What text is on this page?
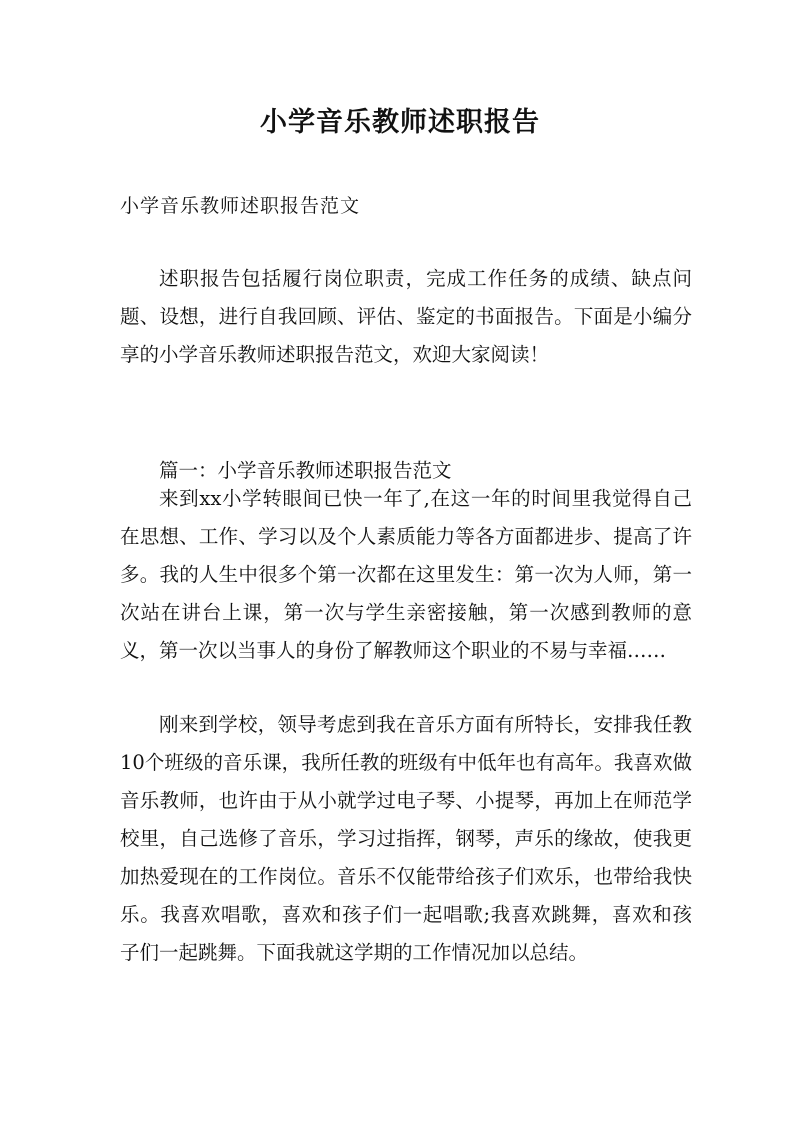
小学音乐教师述职报告
小学音乐教师述职报告范文

述职报告包括履行岗位职责，完成工作任务的成绩、缺点问题、设想，进行自我回顾、评估、鉴定的书面报告。下面是小编分享的小学音乐教师述职报告范文，欢迎大家阅读！

篇一：小学音乐教师述职报告范文

来到xx小学转眼间已快一年了,在这一年的时间里我觉得自己在思想、工作、学习以及个人素质能力等各方面都进步、提高了许多。我的人生中很多个第一次都在这里发生：第一次为人师，第一次站在讲台上课，第一次与学生亲密接触，第一次感到教师的意义，第一次以当事人的身份了解教师这个职业的不易与幸福……

刚来到学校，领导考虑到我在音乐方面有所特长，安排我任教10个班级的音乐课，我所任教的班级有中低年也有高年。我喜欢做音乐教师，也许由于从小就学过电子琴、小提琴，再加上在师范学校里，自己选修了音乐，学习过指挥，钢琴，声乐的缘故，使我更加热爱现在的工作岗位。音乐不仅能带给孩子们欢乐，也带给我快乐。我喜欢唱歌，喜欢和孩子们一起唱歌;我喜欢跳舞，喜欢和孩子们一起跳舞。下面我就这学期的工作情况加以总结。
